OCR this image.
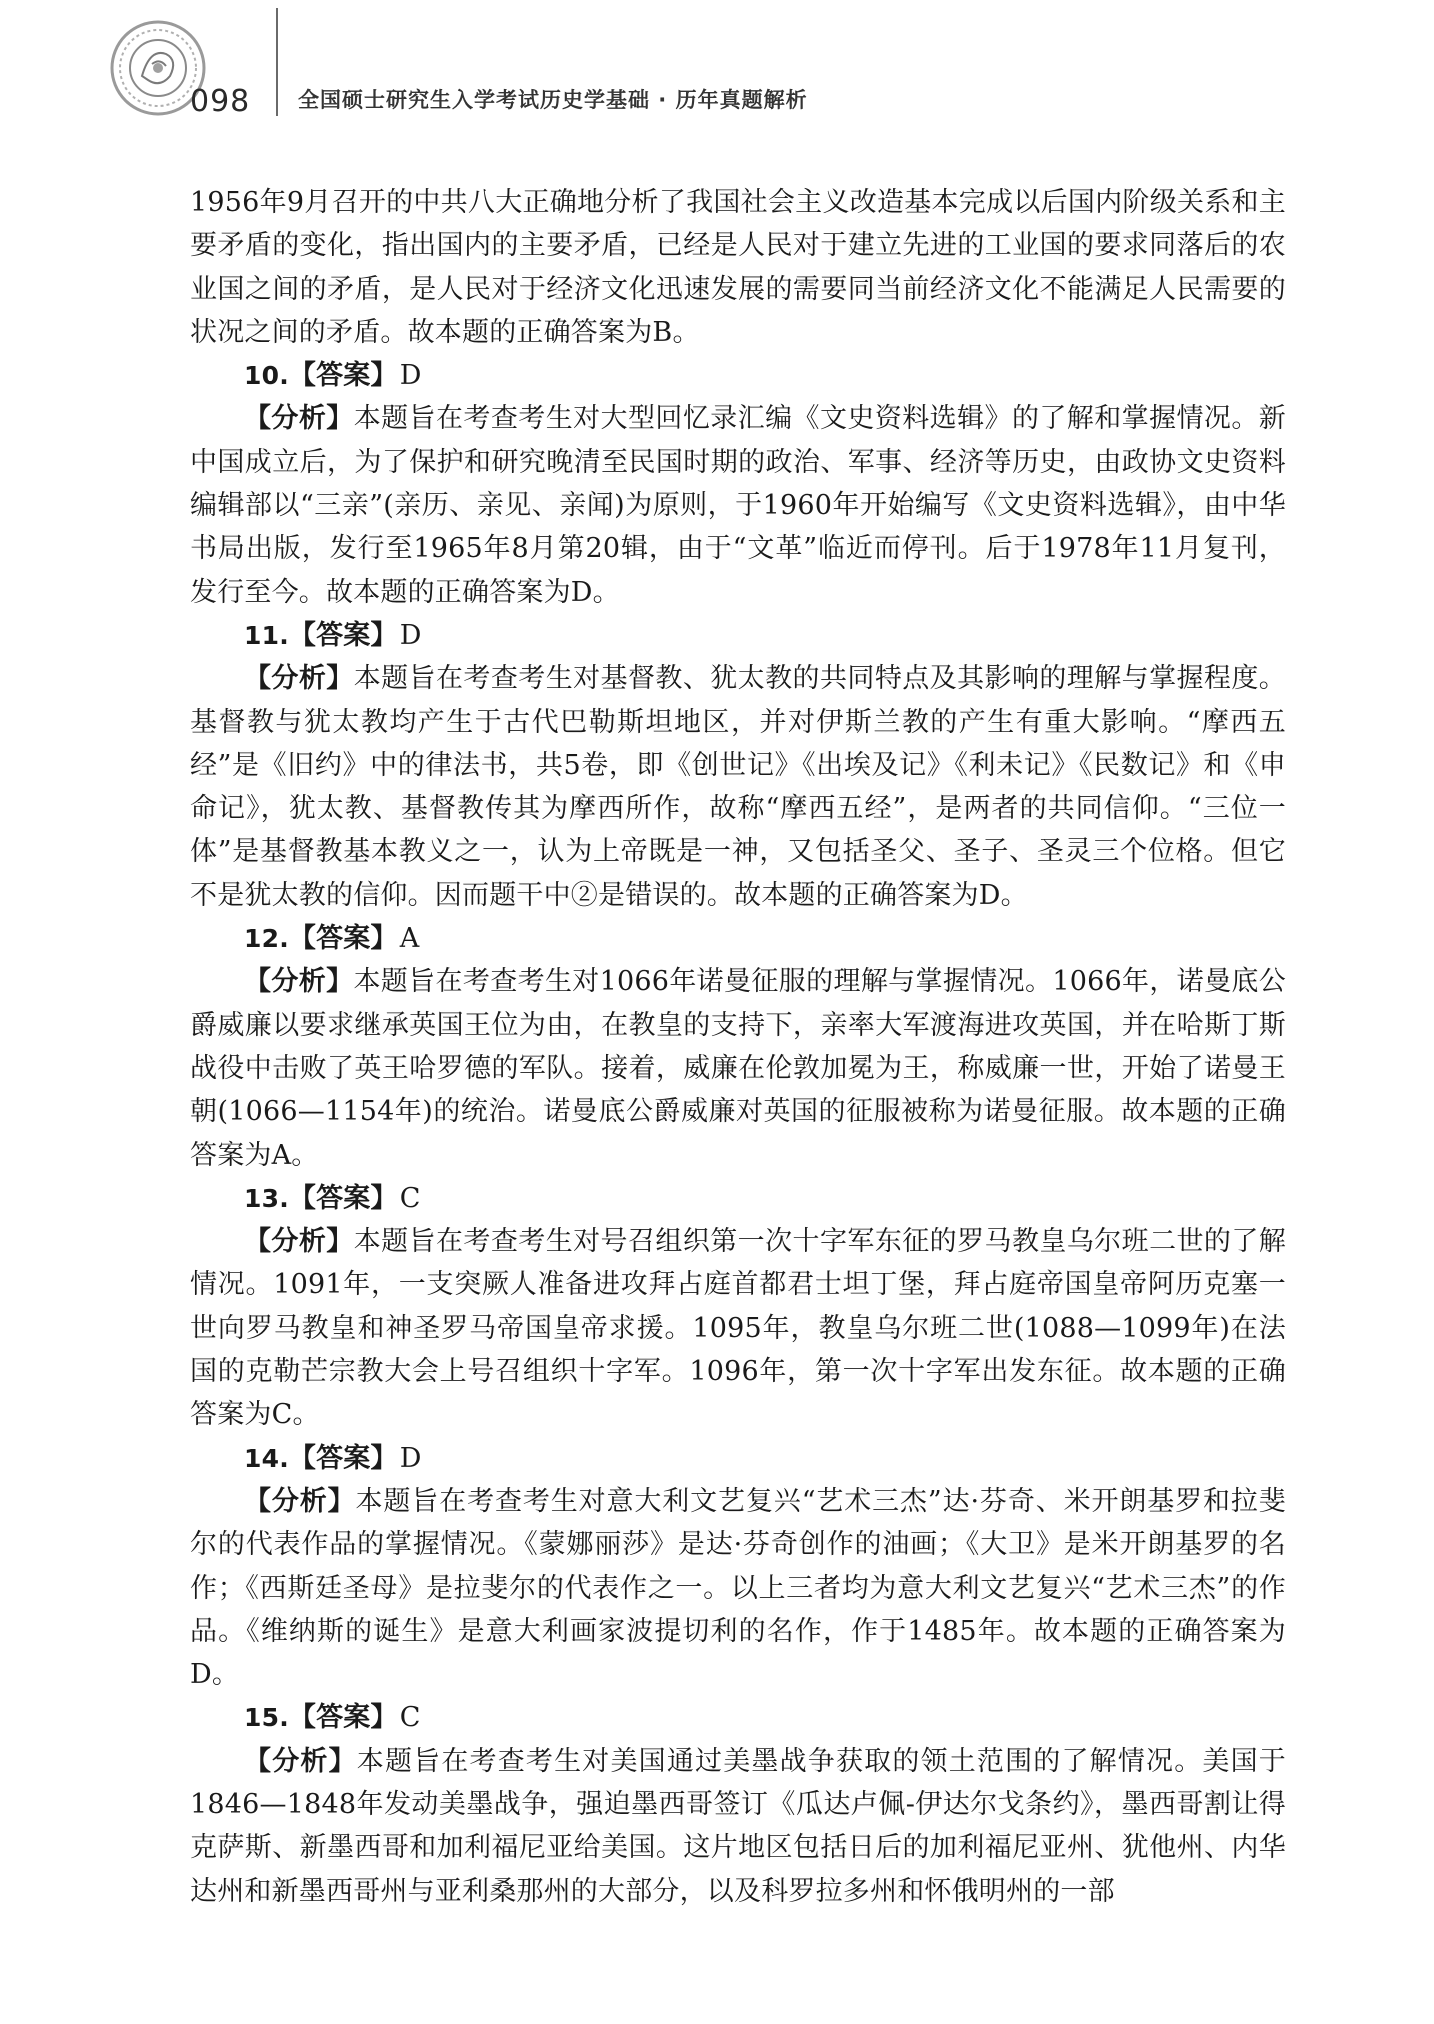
098 全国硕士研究生入学考试历史学基础 · 历年真题解析

1956年9月召开的中共八大正确地分析了我国社会主义改造基本完成以后国内阶级关系和主要矛盾的变化，指出国内的主要矛盾，已经是人民对于建立先进的工业国的要求同落后的农业国之间的矛盾，是人民对于经济文化迅速发展的需要同当前经济文化不能满足人民需要的状况之间的矛盾。故本题的正确答案为B。

10.【答案】D

【分析】本题旨在考查考生对大型回忆录汇编《文史资料选辑》的了解和掌握情况。新中国成立后，为了保护和研究晚清至民国时期的政治、军事、经济等历史，由政协文史资料编辑部以“三亲”(亲历、亲见、亲闻)为原则，于1960年开始编写《文史资料选辑》，由中华书局出版，发行至1965年8月第20辑，由于“文革”临近而停刊。后于1978年11月复刊，发行至今。故本题的正确答案为D。

11.【答案】D

【分析】本题旨在考查考生对基督教、犹太教的共同特点及其影响的理解与掌握程度。基督教与犹太教均产生于古代巴勒斯坦地区，并对伊斯兰教的产生有重大影响。“摩西五经”是《旧约》中的律法书，共5卷，即《创世记》《出埃及记》《利未记》《民数记》和《申命记》，犹太教、基督教传其为摩西所作，故称“摩西五经”，是两者的共同信仰。“三位一体”是基督教基本教义之一，认为上帝既是一神，又包括圣父、圣子、圣灵三个位格。但它不是犹太教的信仰。因而题干中②是错误的。故本题的正确答案为D。

12.【答案】A

【分析】本题旨在考查考生对1066年诺曼征服的理解与掌握情况。1066年，诺曼底公爵威廉以要求继承英国王位为由，在教皇的支持下，亲率大军渡海进攻英国，并在哈斯丁斯战役中击败了英王哈罗德的军队。接着，威廉在伦敦加冕为王，称威廉一世，开始了诺曼王朝(1066—1154年)的统治。诺曼底公爵威廉对英国的征服被称为诺曼征服。故本题的正确答案为A。

13.【答案】C

【分析】本题旨在考查考生对号召组织第一次十字军东征的罗马教皇乌尔班二世的了解情况。1091年，一支突厥人准备进攻拜占庭首都君士坦丁堡，拜占庭帝国皇帝阿历克塞一世向罗马教皇和神圣罗马帝国皇帝求援。1095年，教皇乌尔班二世(1088—1099年)在法国的克勒芒宗教大会上号召组织十字军。1096年，第一次十字军出发东征。故本题的正确答案为C。

14.【答案】D

【分析】本题旨在考查考生对意大利文艺复兴“艺术三杰”达·芬奇、米开朗基罗和拉斐尔的代表作品的掌握情况。《蒙娜丽莎》是达·芬奇创作的油画；《大卫》是米开朗基罗的名作；《西斯廷圣母》是拉斐尔的代表作之一。以上三者均为意大利文艺复兴“艺术三杰”的作品。《维纳斯的诞生》是意大利画家波提切利的名作，作于1485年。故本题的正确答案为D。

15.【答案】C

【分析】本题旨在考查考生对美国通过美墨战争获取的领土范围的了解情况。美国于1846—1848年发动美墨战争，强迫墨西哥签订《瓜达卢佩-伊达尔戈条约》，墨西哥割让得克萨斯、新墨西哥和加利福尼亚给美国。这片地区包括日后的加利福尼亚州、犹他州、内华达州和新墨西哥州与亚利桑那州的大部分，以及科罗拉多州和怀俄明州的一部
